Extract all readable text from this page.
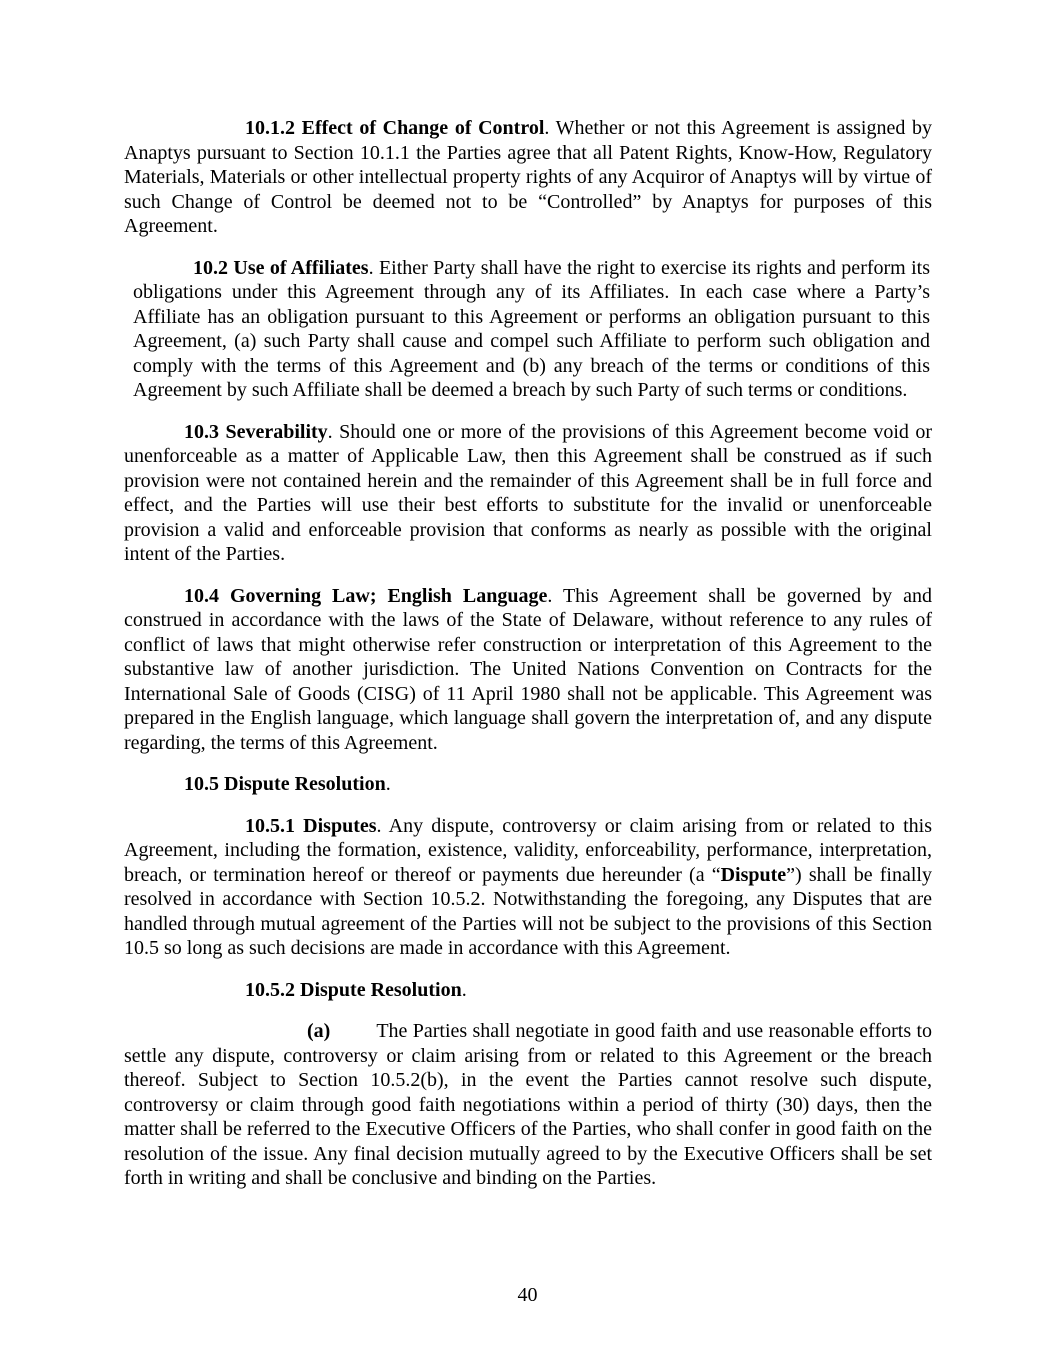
10.1.2 Effect of Change of Control. Whether or not this Agreement is assigned by Anaptys pursuant to Section 10.1.1 the Parties agree that all Patent Rights, Know-How, Regulatory Materials, Materials or other intellectual property rights of any Acquiror of Anaptys will by virtue of such Change of Control be deemed not to be “Controlled” by Anaptys for purposes of this Agreement.

10.2 Use of Affiliates. Either Party shall have the right to exercise its rights and perform its obligations under this Agreement through any of its Affiliates. In each case where a Party’s Affiliate has an obligation pursuant to this Agreement or performs an obligation pursuant to this Agreement, (a) such Party shall cause and compel such Affiliate to perform such obligation and comply with the terms of this Agreement and (b) any breach of the terms or conditions of this Agreement by such Affiliate shall be deemed a breach by such Party of such terms or conditions.

10.3 Severability. Should one or more of the provisions of this Agreement become void or unenforceable as a matter of Applicable Law, then this Agreement shall be construed as if such provision were not contained herein and the remainder of this Agreement shall be in full force and effect, and the Parties will use their best efforts to substitute for the invalid or unenforceable provision a valid and enforceable provision that conforms as nearly as possible with the original intent of the Parties.

10.4 Governing Law; English Language. This Agreement shall be governed by and construed in accordance with the laws of the State of Delaware, without reference to any rules of conflict of laws that might otherwise refer construction or interpretation of this Agreement to the substantive law of another jurisdiction. The United Nations Convention on Contracts for the International Sale of Goods (CISG) of 11 April 1980 shall not be applicable. This Agreement was prepared in the English language, which language shall govern the interpretation of, and any dispute regarding, the terms of this Agreement.

10.5 Dispute Resolution.

10.5.1 Disputes. Any dispute, controversy or claim arising from or related to this Agreement, including the formation, existence, validity, enforceability, performance, interpretation, breach, or termination hereof or thereof or payments due hereunder (a “Dispute”) shall be finally resolved in accordance with Section 10.5.2. Notwithstanding the foregoing, any Disputes that are handled through mutual agreement of the Parties will not be subject to the provisions of this Section 10.5 so long as such decisions are made in accordance with this Agreement.

10.5.2 Dispute Resolution.

(a) The Parties shall negotiate in good faith and use reasonable efforts to settle any dispute, controversy or claim arising from or related to this Agreement or the breach thereof. Subject to Section 10.5.2(b), in the event the Parties cannot resolve such dispute, controversy or claim through good faith negotiations within a period of thirty (30) days, then the matter shall be referred to the Executive Officers of the Parties, who shall confer in good faith on the resolution of the issue. Any final decision mutually agreed to by the Executive Officers shall be set forth in writing and shall be conclusive and binding on the Parties.

40
